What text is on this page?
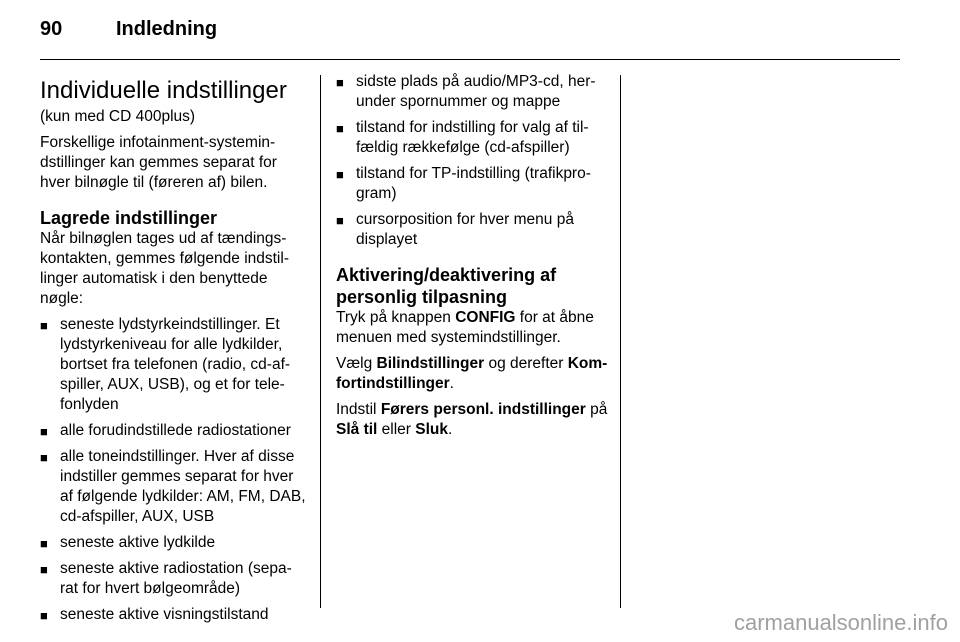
90	Indledning
Individuelle indstillinger

(kun med CD 400plus)

Forskellige infotainment-systemin-dstillinger kan gemmes separat for hver bilnøgle til (føreren af) bilen.

Lagrede indstillinger

Når bilnøglen tages ud af tændings-kontakten, gemmes følgende indstil-linger automatisk i den benyttede nøgle:

■ seneste lydstyrkeindstillinger. Et lydstyrkeniveau for alle lydkilder, bortset fra telefonen (radio, cd-af-spiller, AUX, USB), og et for tele-fonlyden
■ alle forudindstillede radiostationer
■ alle toneindstillinger. Hver af disse indstiller gemmes separat for hver af følgende lydkilder: AM, FM, DAB, cd-afspiller, AUX, USB
■ seneste aktive lydkilde
■ seneste aktive radiostation (sepa-rat for hvert bølgeområde)
■ seneste aktive visningstilstand
■ sidste plads på audio/MP3-cd, her-under spornummer og mappe
■ tilstand for indstilling for valg af til-fældig rækkefølge (cd-afspiller)
■ tilstand for TP-indstilling (trafikpro-gram)
■ cursorposition for hver menu på displayet
Aktivering/deaktivering af personlig tilpasning

Tryk på knappen CONFIG for at åbne menuen med systemindstillinger.

Vælg Bilindstillinger og derefter Kom-fortindstillinger.

Indstil Førers personl. indstillinger på Slå til eller Sluk.

carmanualsonline.info
